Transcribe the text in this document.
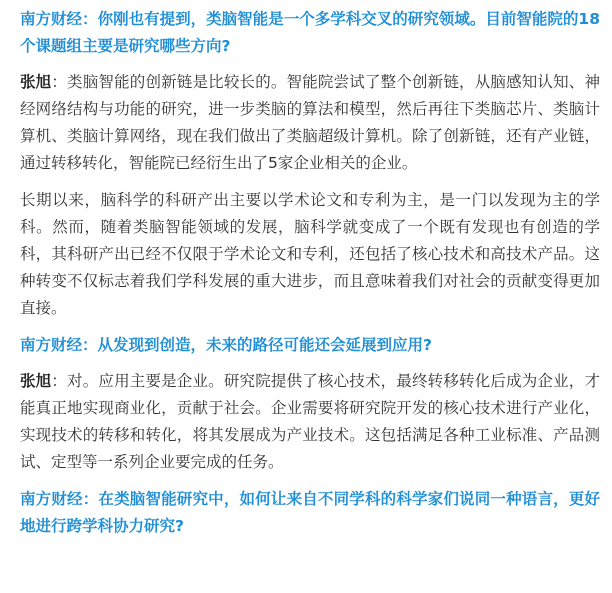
南方财经：你刚也有提到，类脑智能是一个多学科交叉的研究领域。目前智能院的18个课题组主要是研究哪些方向?

张旭：类脑智能的创新链是比较长的。智能院尝试了整个创新链，从脑感知认知、神经网络结构与功能的研究，进一步类脑的算法和模型，然后再往下类脑芯片、类脑计算机、类脑计算网络，现在我们做出了类脑超级计算机。除了创新链，还有产业链，通过转移转化，智能院已经衍生出了5家企业相关的企业。

长期以来，脑科学的科研产出主要以学术论文和专利为主，是一门以发现为主的学科。然而，随着类脑智能领域的发展，脑科学就变成了一个既有发现也有创造的学科，其科研产出已经不仅限于学术论文和专利，还包括了核心技术和高技术产品。这种转变不仅标志着我们学科发展的重大进步，而且意味着我们对社会的贡献变得更加直接。

南方财经：从发现到创造，未来的路径可能还会延展到应用?

张旭：对。应用主要是企业。研究院提供了核心技术，最终转移转化后成为企业，才能真正地实现商业化，贡献于社会。企业需要将研究院开发的核心技术进行产业化，实现技术的转移和转化，将其发展成为产业技术。这包括满足各种工业标准、产品测试、定型等一系列企业要完成的任务。

南方财经：在类脑智能研究中，如何让来自不同学科的科学家们说同一种语言，更好地进行跨学科协力研究?
